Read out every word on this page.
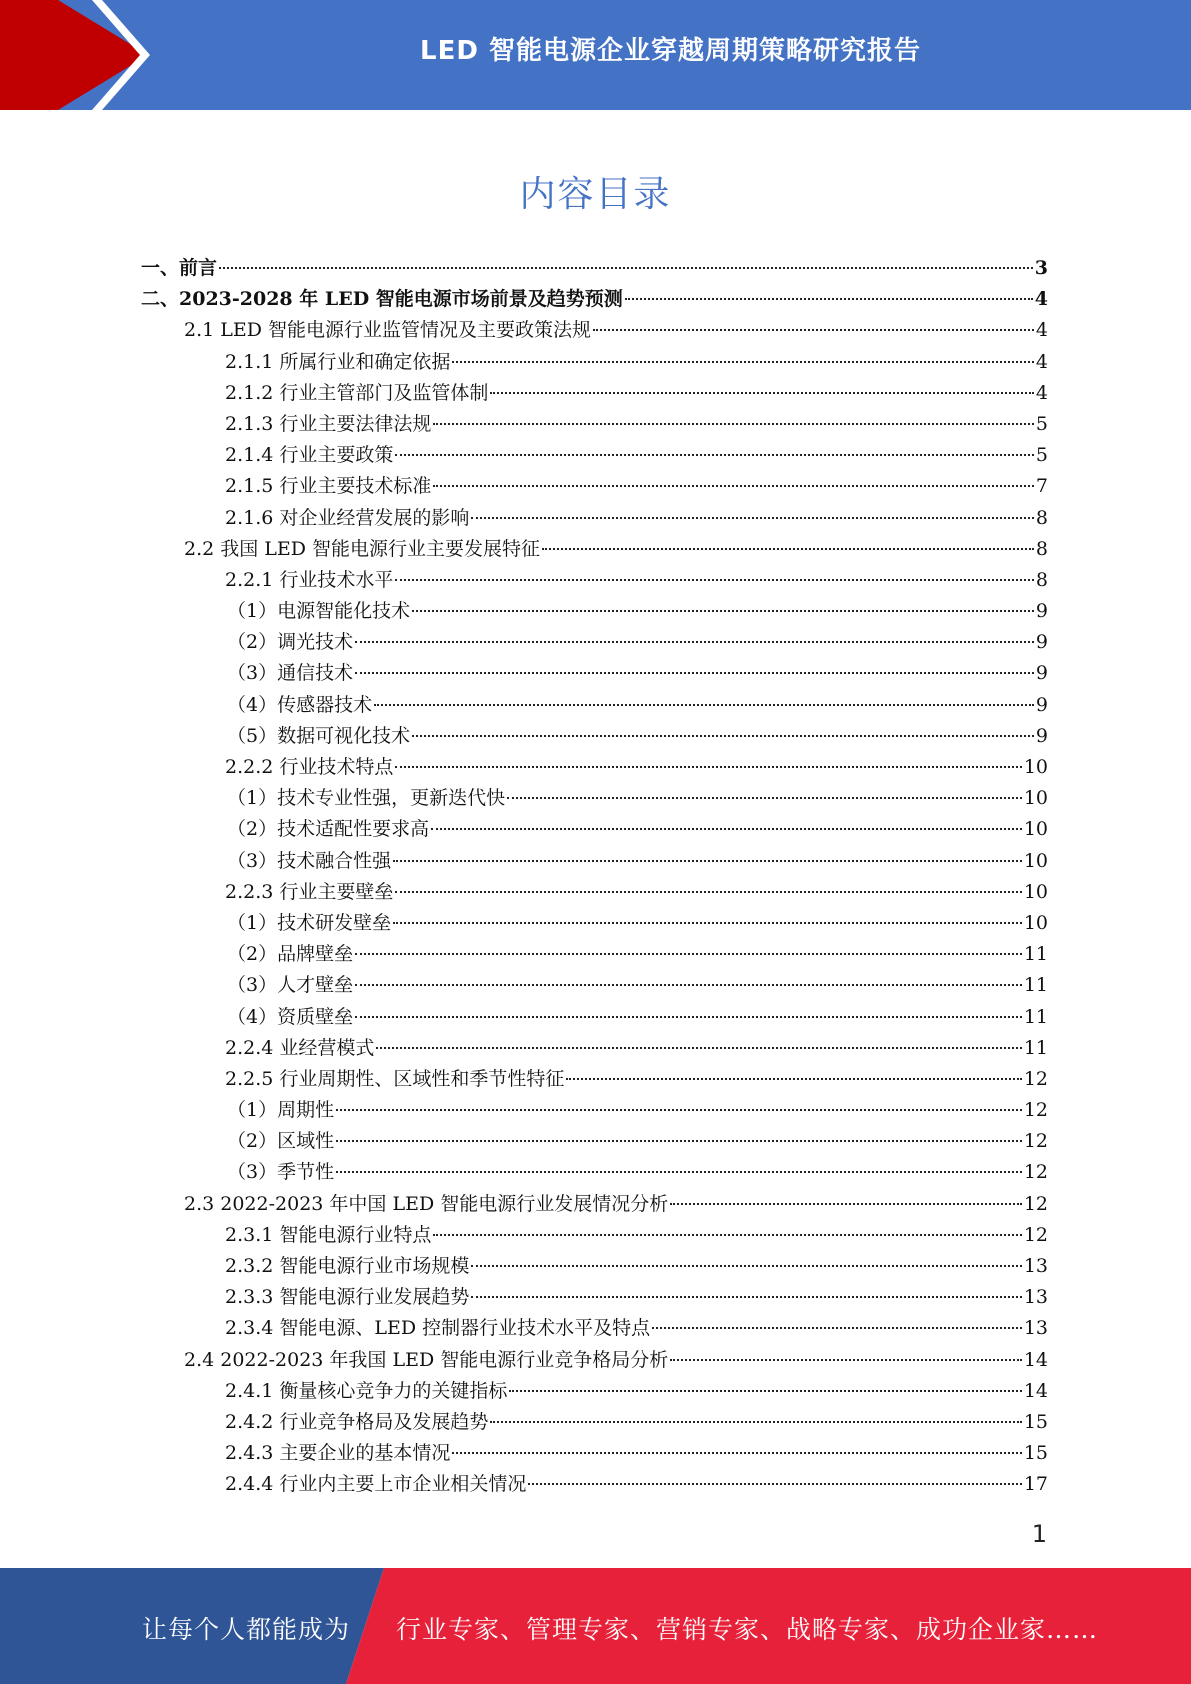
LED 智能电源企业穿越周期策略研究报告
内容目录
一、前言	3
二、2023-2028 年 LED 智能电源市场前景及趋势预测	4
2.1 LED 智能电源行业监管情况及主要政策法规	4
2.1.1 所属行业和确定依据	4
2.1.2 行业主管部门及监管体制	4
2.1.3 行业主要法律法规	5
2.1.4 行业主要政策	5
2.1.5 行业主要技术标准	7
2.1.6 对企业经营发展的影响	8
2.2 我国 LED 智能电源行业主要发展特征	8
2.2.1 行业技术水平	8
（1）电源智能化技术	9
（2）调光技术	9
（3）通信技术	9
（4）传感器技术	9
（5）数据可视化技术	9
2.2.2 行业技术特点	10
（1）技术专业性强，更新迭代快	10
（2）技术适配性要求高	10
（3）技术融合性强	10
2.2.3 行业主要壁垒	10
（1）技术研发壁垒	10
（2）品牌壁垒	11
（3）人才壁垒	11
（4）资质壁垒	11
2.2.4 业经营模式	11
2.2.5 行业周期性、区域性和季节性特征	12
（1）周期性	12
（2）区域性	12
（3）季节性	12
2.3 2022-2023 年中国 LED 智能电源行业发展情况分析	12
2.3.1 智能电源行业特点	12
2.3.2 智能电源行业市场规模	13
2.3.3 智能电源行业发展趋势	13
2.3.4 智能电源、LED 控制器行业技术水平及特点	13
2.4 2022-2023 年我国 LED 智能电源行业竞争格局分析	14
2.4.1 衡量核心竞争力的关键指标	14
2.4.2 行业竞争格局及发展趋势	15
2.4.3 主要企业的基本情况	15
2.4.4 行业内主要上市企业相关情况	17
1
让每个人都能成为 行业专家、管理专家、营销专家、战略专家、成功企业家……
